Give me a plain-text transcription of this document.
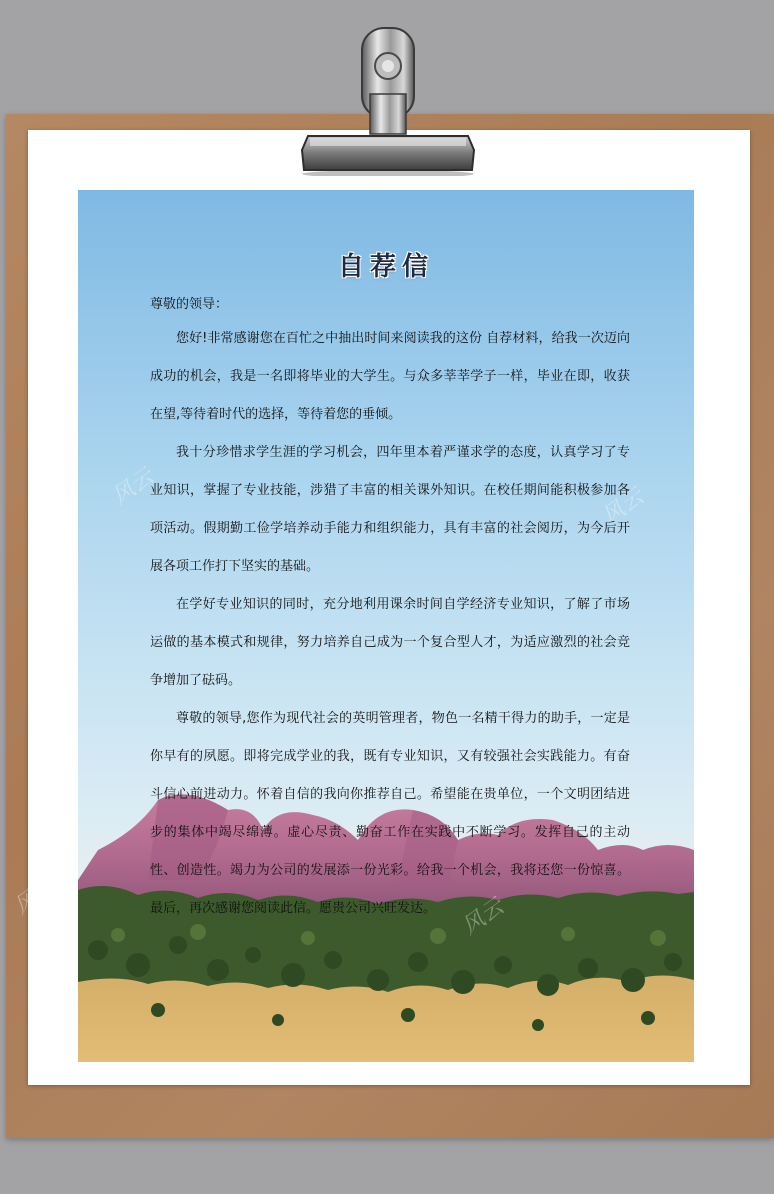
风云	风云
风云
风云
自荐信

尊敬的领导：

您好!非常感谢您在百忙之中抽出时间来阅读我的这份 自荐材料，给我一次迈向成功的机会，我是一名即将毕业的大学生。与众多莘莘学子一样，毕业在即，收获在望,等待着时代的选择，等待着您的垂倾。

我十分珍惜求学生涯的学习机会，四年里本着严谨求学的态度，认真学习了专业知识，掌握了专业技能，涉猎了丰富的相关课外知识。在校任期间能积极参加各项活动。假期勤工俭学培养动手能力和组织能力，具有丰富的社会阅历，为今后开展各项工作打下坚实的基础。

在学好专业知识的同时，充分地利用课余时间自学经济专业知识，了解了市场运做的基本模式和规律，努力培养自己成为一个复合型人才，为适应激烈的社会竞争增加了砝码。

尊敬的领导,您作为现代社会的英明管理者，物色一名精干得力的助手，一定是你早有的夙愿。即将完成学业的我，既有专业知识，又有较强社会实践能力。有奋斗信心前进动力。怀着自信的我向你推荐自己。希望能在贵单位，一个文明团结进步的集体中竭尽绵薄。虚心尽责、勤奋工作在实践中不断学习。发挥自己的主动性、创造性。竭力为公司的发展添一份光彩。给我一个机会，我将还您一份惊喜。最后，再次感谢您阅读此信。愿贵公司兴旺发达。
